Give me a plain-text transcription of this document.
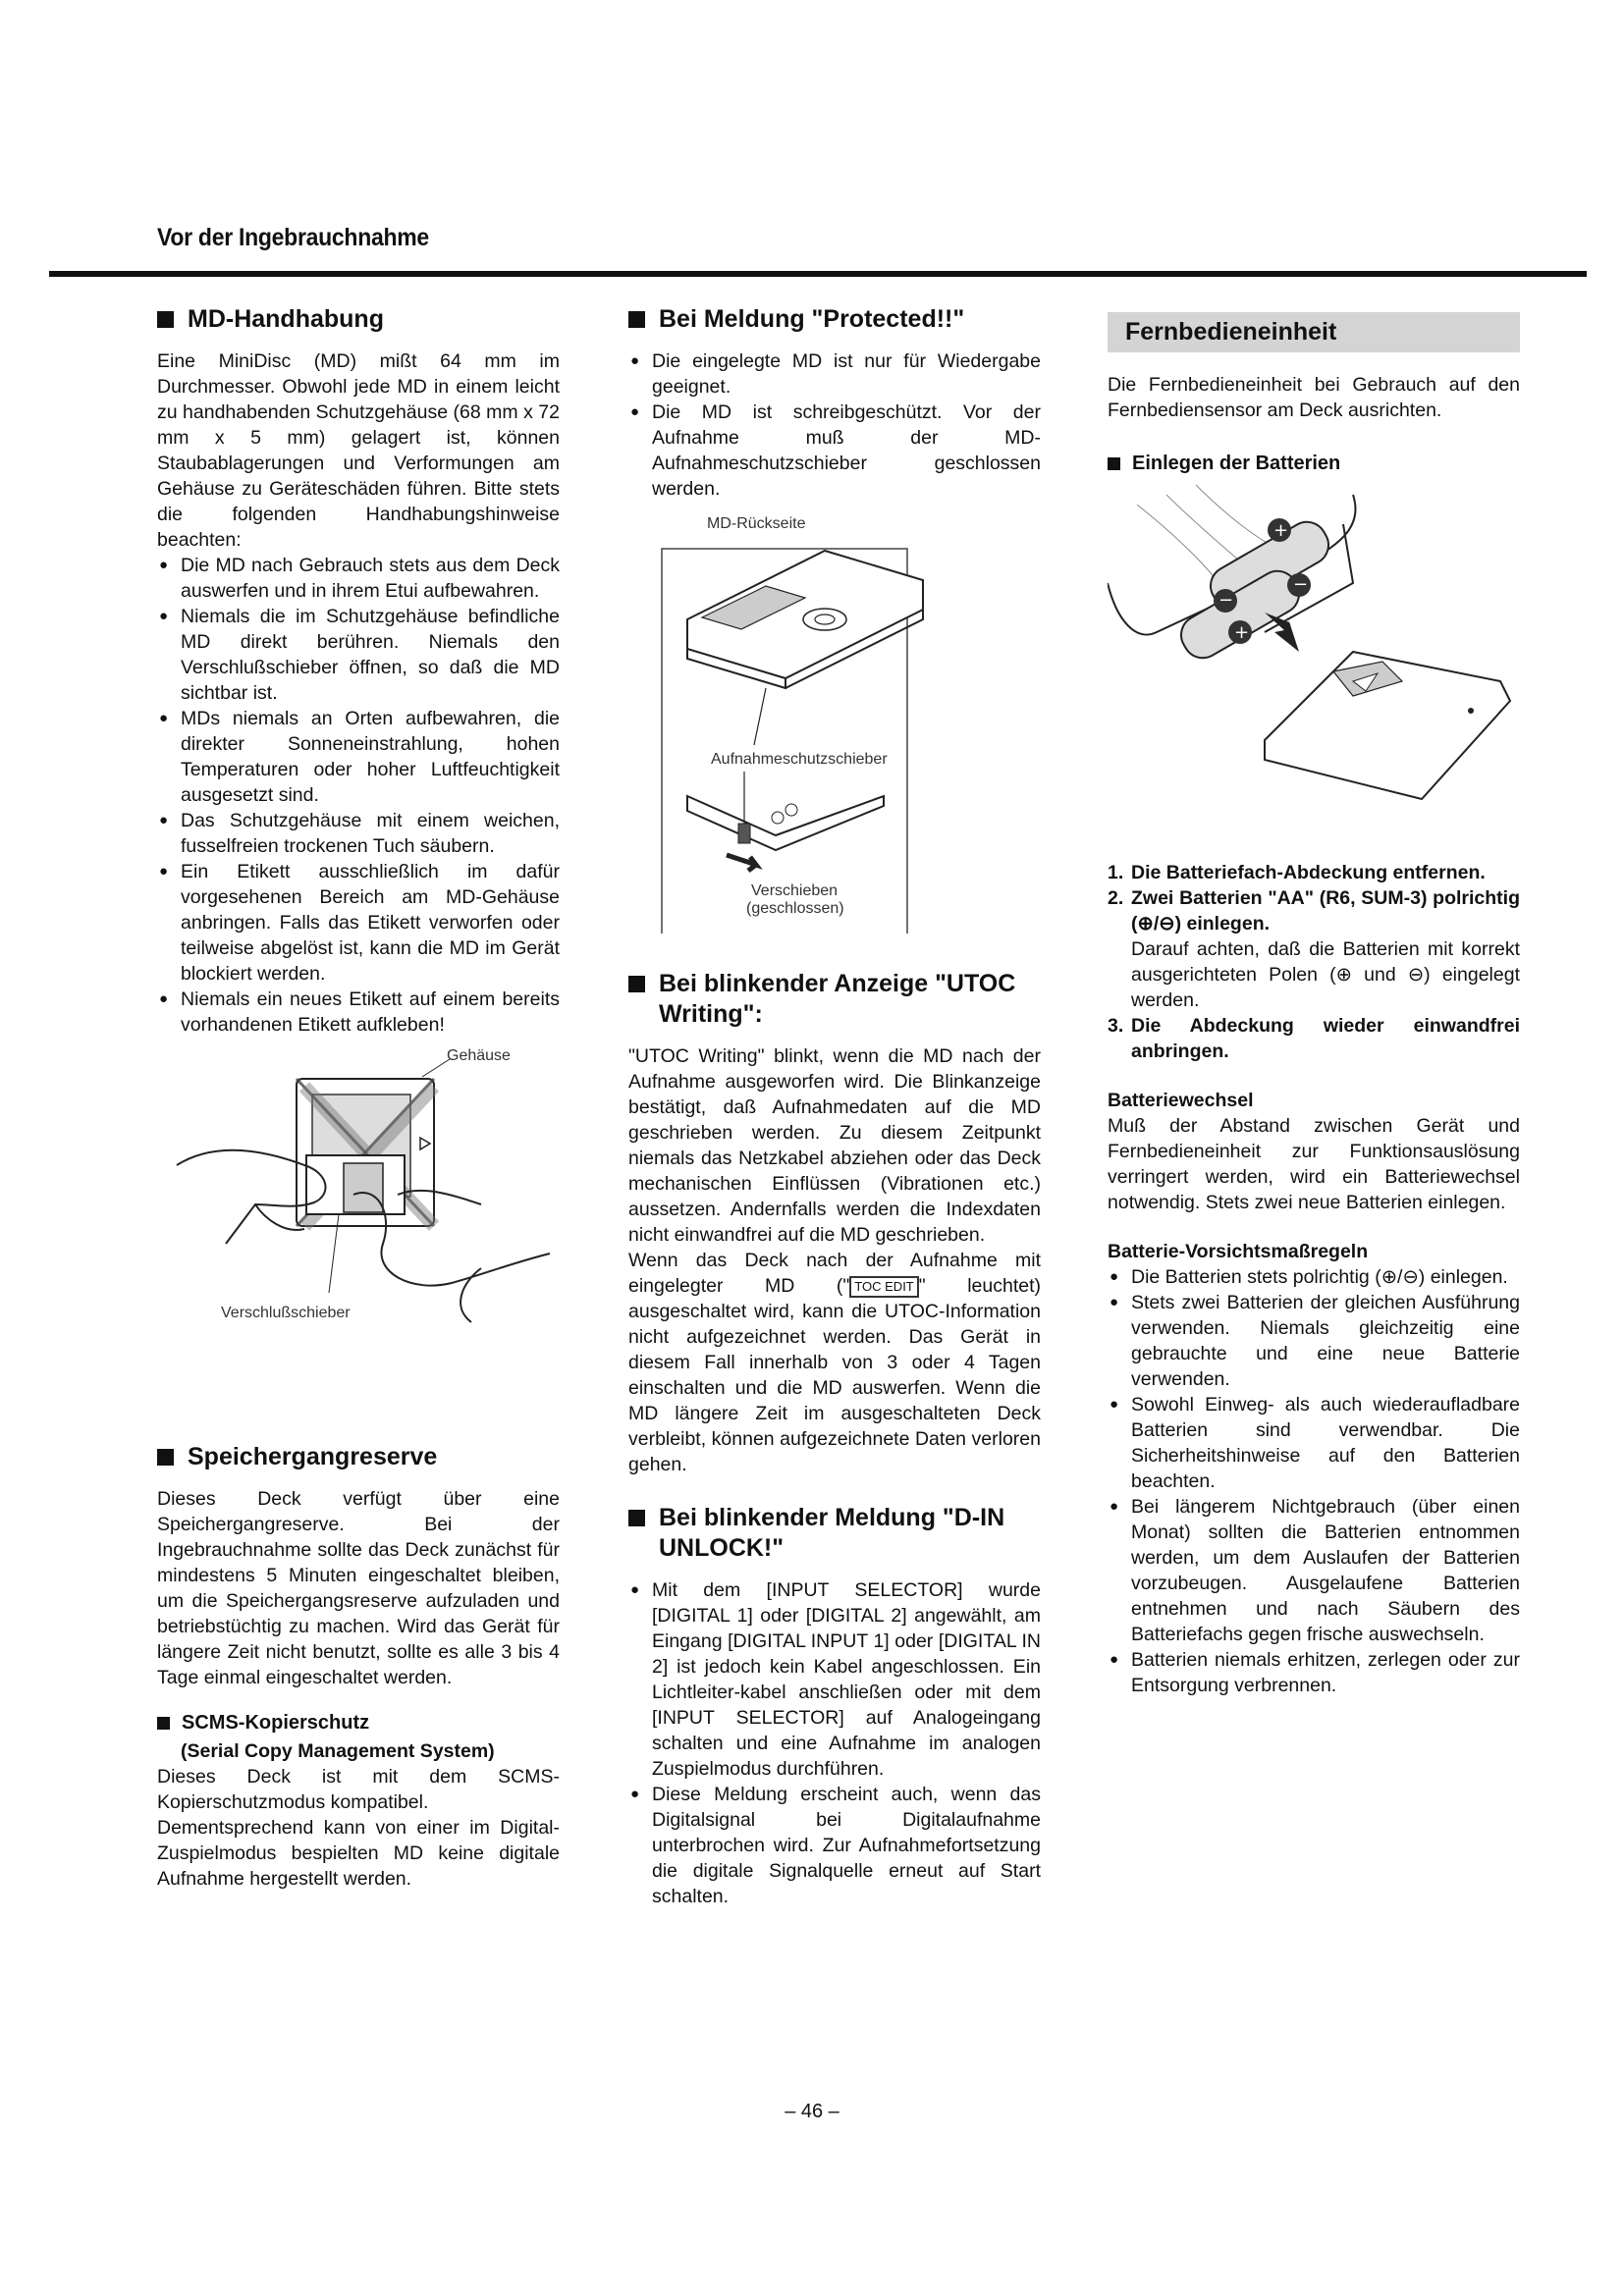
Vor der Ingebrauchnahme
MD-Handhabung

Eine MiniDisc (MD) mißt 64 mm im Durchmesser. Obwohl jede MD in einem leicht zu handhabenden Schutzgehäuse (68 mm x 72 mm x 5 mm) gelagert ist, können Staubablagerungen und Verformungen am Gehäuse zu Geräteschäden führen. Bitte stets die folgenden Handhabungshinweise beachten:

● Die MD nach Gebrauch stets aus dem Deck auswerfen und in ihrem Etui aufbewahren.
● Niemals die im Schutzgehäuse befindliche MD direkt berühren. Niemals den Verschlußschieber öffnen, so daß die MD sichtbar ist.
● MDs niemals an Orten aufbewahren, die direkter Sonneneinstrahlung, hohen Temperaturen oder hoher Luftfeuchtigkeit ausgesetzt sind.
● Das Schutzgehäuse mit einem weichen, fusselfreien trockenen Tuch säubern.
● Ein Etikett ausschließlich im dafür vorgesehenen Bereich am MD-Gehäuse anbringen. Falls das Etikett verworfen oder teilweise abgelöst ist, kann die MD im Gerät blockiert werden.
● Niemals ein neues Etikett auf einem bereits vorhandenen Etikett aufkleben!
Gehäuse
Verschlußschieber
Speichergangreserve

Dieses Deck verfügt über eine Speichergangreserve. Bei der Ingebrauchnahme sollte das Deck zunächst für mindestens 5 Minuten eingeschaltet bleiben, um die Speichergangsreserve aufzuladen und betriebstüchtig zu machen. Wird das Gerät für längere Zeit nicht benutzt, sollte es alle 3 bis 4 Tage einmal eingeschaltet werden.

SCMS-Kopierschutz
(Serial Copy Management System)

Dieses Deck ist mit dem SCMS-Kopierschutzmodus kompatibel.

Dementsprechend kann von einer im Digital-Zuspielmodus bespielten MD keine digitale Aufnahme hergestellt werden.

Bei Meldung "Protected!!"
● Die eingelegte MD ist nur für Wiedergabe geeignet.
● Die MD ist schreibgeschützt. Vor der Aufnahme muß der MD-Aufnahmeschutzschieber geschlossen werden.
MD-Rückseite
Aufnahmeschutzschieber
Verschieben
(geschlossen)
Bei blinkender Anzeige "UTOC Writing":

"UTOC Writing" blinkt, wenn die MD nach der Aufnahme ausgeworfen wird. Die Blinkanzeige bestätigt, daß Aufnahmedaten auf die MD geschrieben werden. Zu diesem Zeitpunkt niemals das Netzkabel abziehen oder das Deck mechanischen Einflüssen (Vibrationen etc.) aussetzen. Andernfalls werden die Indexdaten nicht einwandfrei auf die MD geschrieben.

Wenn das Deck nach der Aufnahme mit eingelegter MD (" TOC EDIT " leuchtet) ausgeschaltet wird, kann die UTOC-Information nicht aufgezeichnet werden. Das Gerät in diesem Fall innerhalb von 3 oder 4 Tagen einschalten und die MD auswerfen. Wenn die MD längere Zeit im ausgeschalteten Deck verbleibt, können aufgezeichnete Daten verloren gehen.

Bei blinkender Meldung "D-IN UNLOCK!"
● Mit dem [INPUT SELECTOR] wurde [DIGITAL 1] oder [DIGITAL 2] angewählt, am Eingang [DIGITAL INPUT 1] oder [DIGITAL IN 2] ist jedoch kein Kabel angeschlossen. Ein Lichtleiter-kabel anschließen oder mit dem [INPUT SELECTOR] auf Analogeingang schalten und eine Aufnahme im analogen Zuspielmodus durchführen.
● Diese Meldung erscheint auch, wenn das Digitalsignal bei Digitalaufnahme unterbrochen wird. Zur Aufnahmefortsetzung die digitale Signalquelle erneut auf Start schalten.
Fernbedieneinheit

Die Fernbedieneinheit bei Gebrauch auf den Fernbediensensor am Deck ausrichten.

Einlegen der Batterien
+
−
−
+
1. Die Batteriefach-Abdeckung entfernen.
2. Zwei Batterien "AA" (R6, SUM-3) polrichtig (⊕/⊖) einlegen.
Darauf achten, daß die Batterien mit korrekt ausgerichteten Polen (⊕ und ⊖) eingelegt werden.
3. Die Abdeckung wieder einwandfrei anbringen.
Batteriewechsel

Muß der Abstand zwischen Gerät und Fernbedieneinheit zur Funktionsauslösung verringert werden, wird ein Batteriewechsel notwendig. Stets zwei neue Batterien einlegen.

Batterie-Vorsichtsmaßregeln
● Die Batterien stets polrichtig (⊕/⊖) einlegen.
● Stets zwei Batterien der gleichen Ausführung verwenden. Niemals gleichzeitig eine gebrauchte und eine neue Batterie verwenden.
● Sowohl Einweg- als auch wiederaufladbare Batterien sind verwendbar. Die Sicherheitshinweise auf den Batterien beachten.
● Bei längerem Nichtgebrauch (über einen Monat) sollten die Batterien entnommen werden, um dem Auslaufen der Batterien vorzubeugen. Ausgelaufene Batterien entnehmen und nach Säubern des Batteriefachs gegen frische auswechseln.
● Batterien niemals erhitzen, zerlegen oder zur Entsorgung verbrennen.
– 46 –
